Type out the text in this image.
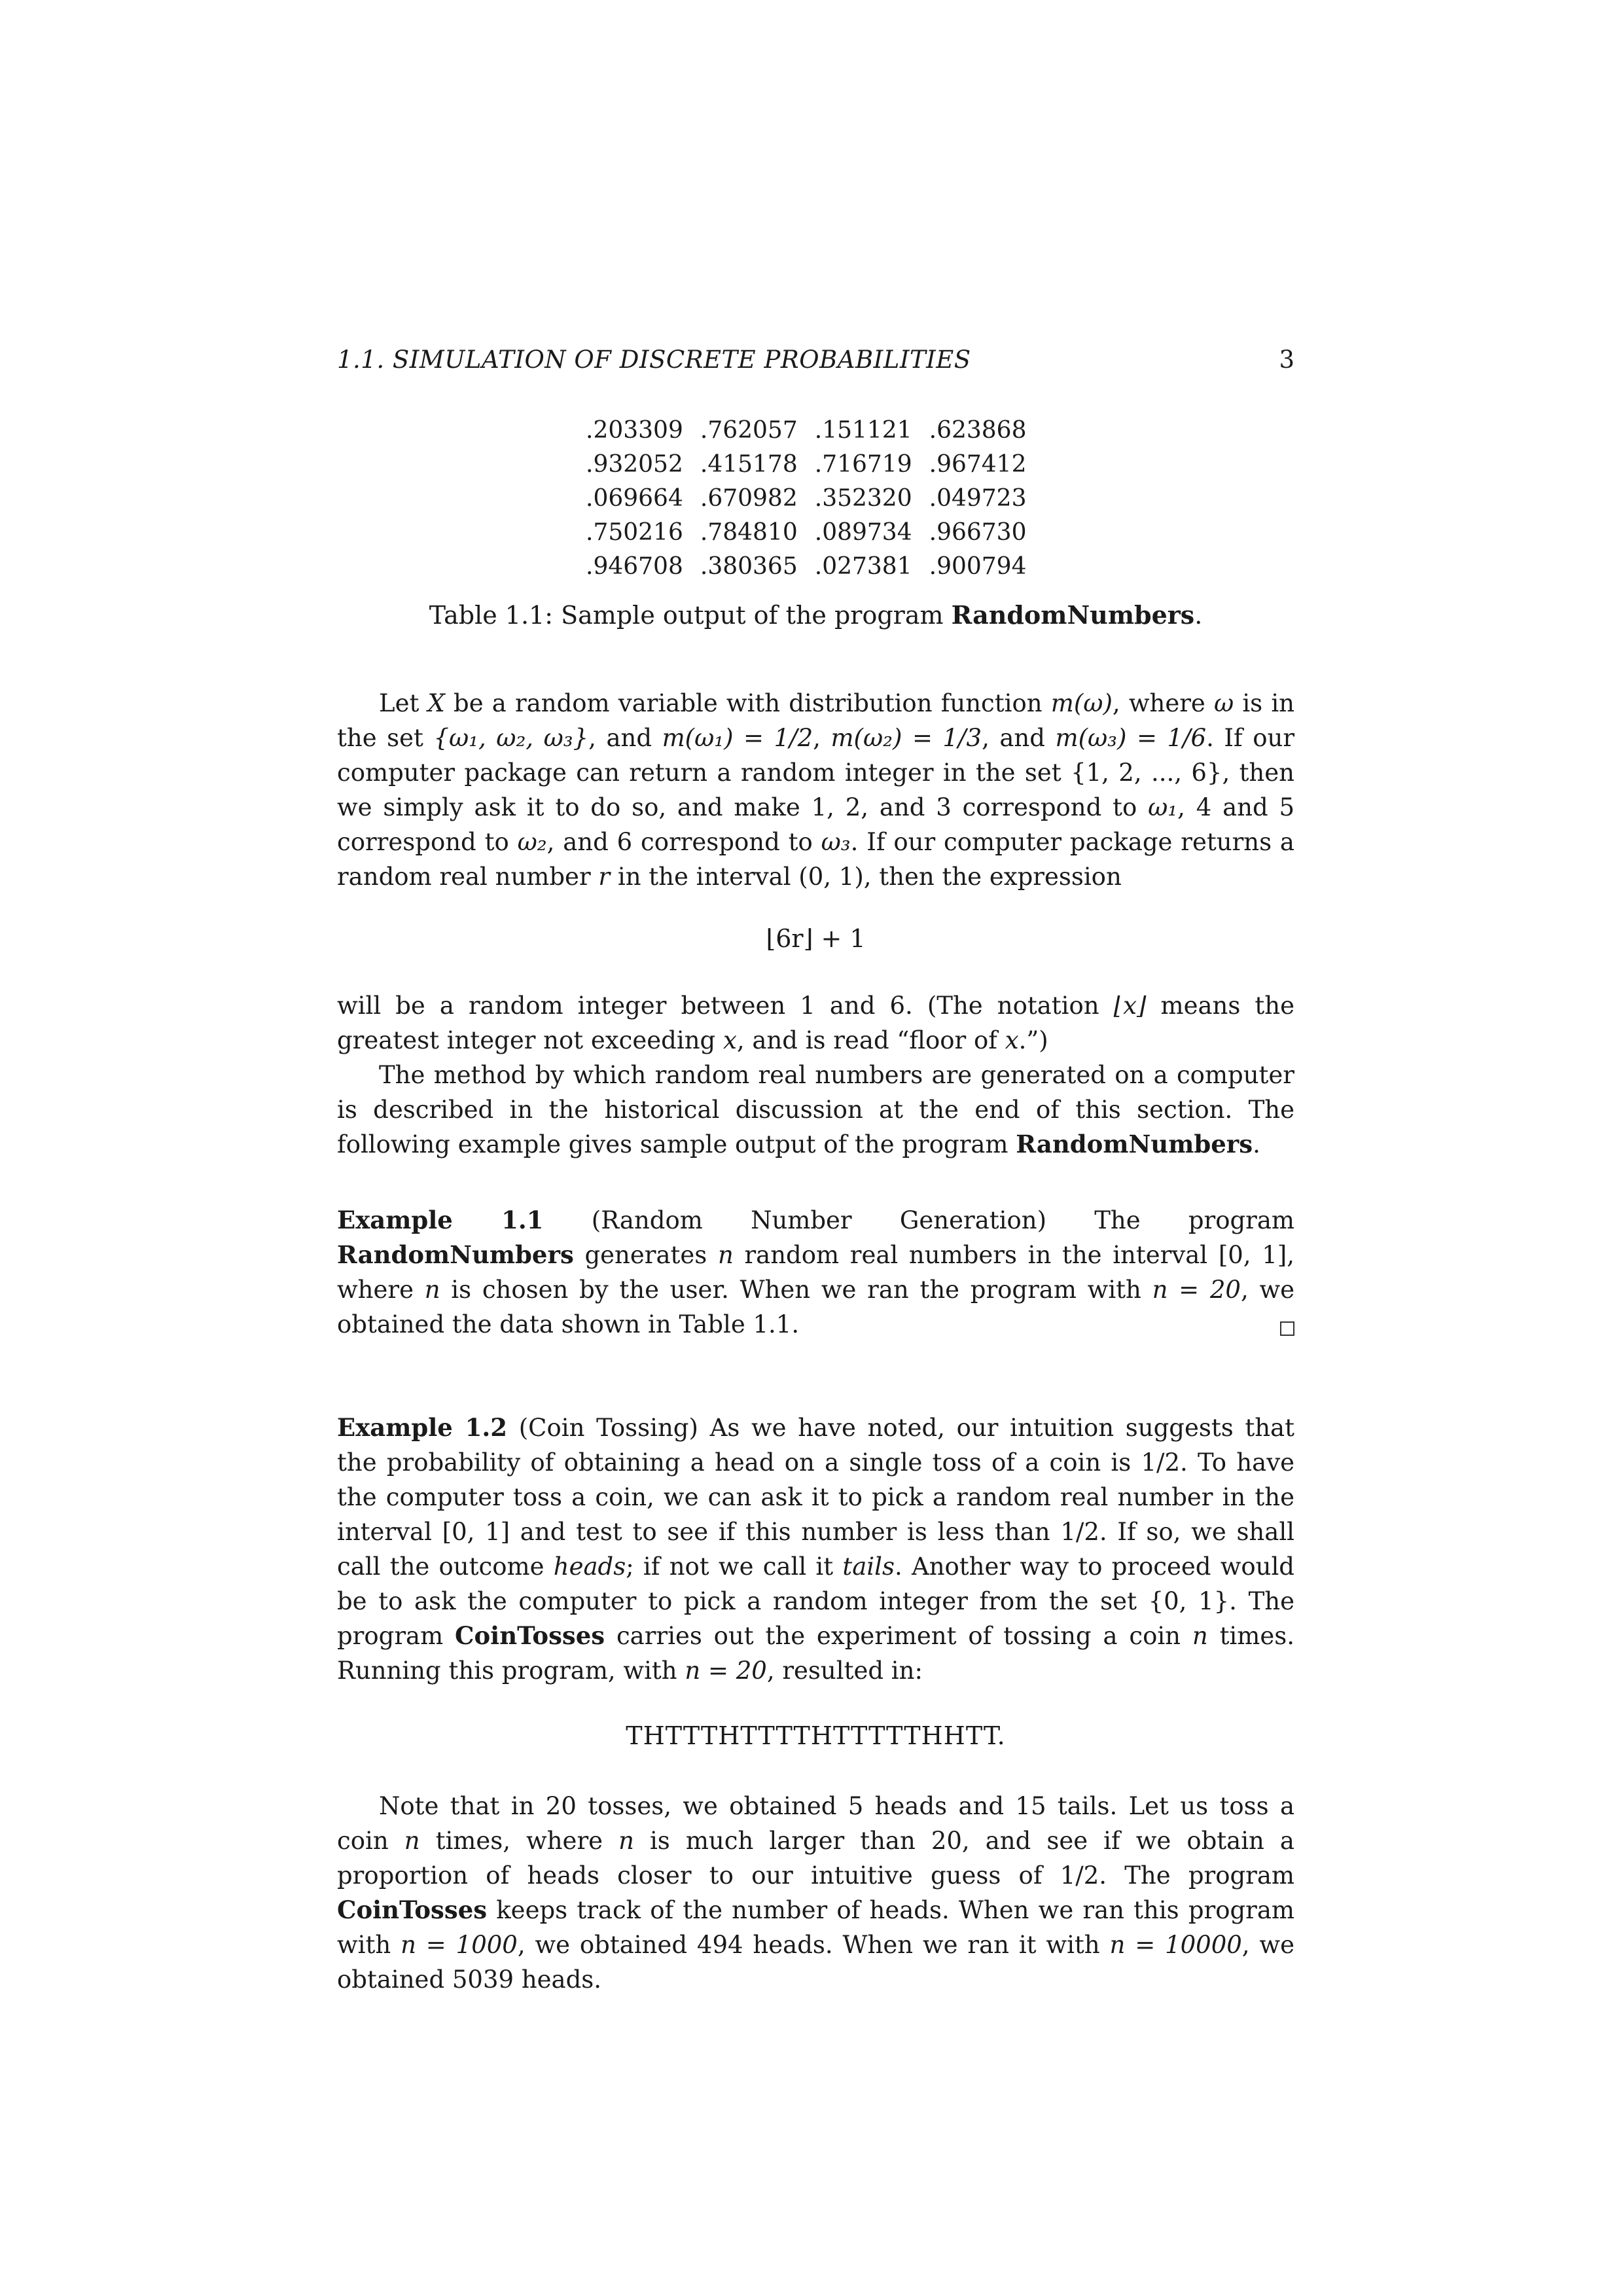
1.1. SIMULATION OF DISCRETE PROBABILITIES	3
.203309	.762057	.151121	.623868
.932052	.415178	.716719	.967412
.069664	.670982	.352320	.049723
.750216	.784810	.089734	.966730
.946708	.380365	.027381	.900794
Table 1.1: Sample output of the program RandomNumbers.

Let X be a random variable with distribution function m(ω), where ω is in the set {ω₁, ω₂, ω₃}, and m(ω₁) = 1/2, m(ω₂) = 1/3, and m(ω₃) = 1/6. If our computer package can return a random integer in the set {1, 2, ..., 6}, then we simply ask it to do so, and make 1, 2, and 3 correspond to ω₁, 4 and 5 correspond to ω₂, and 6 correspond to ω₃. If our computer package returns a random real number r in the interval (0, 1), then the expression

⌊6r⌋ + 1

will be a random integer between 1 and 6. (The notation ⌊x⌋ means the greatest integer not exceeding x, and is read “floor of x.”)

The method by which random real numbers are generated on a computer is described in the historical discussion at the end of this section. The following example gives sample output of the program RandomNumbers.

Example 1.1 (Random Number Generation) The program RandomNumbers generates n random real numbers in the interval [0, 1], where n is chosen by the user. When we ran the program with n = 20, we obtained the data shown in Table 1.1.

Example 1.2 (Coin Tossing) As we have noted, our intuition suggests that the probability of obtaining a head on a single toss of a coin is 1/2. To have the computer toss a coin, we can ask it to pick a random real number in the interval [0, 1] and test to see if this number is less than 1/2. If so, we shall call the outcome heads; if not we call it tails. Another way to proceed would be to ask the computer to pick a random integer from the set {0, 1}. The program CoinTosses carries out the experiment of tossing a coin n times. Running this program, with n = 20, resulted in:

THTTTHTTTTHTTTTTHHTT.

Note that in 20 tosses, we obtained 5 heads and 15 tails. Let us toss a coin n times, where n is much larger than 20, and see if we obtain a proportion of heads closer to our intuitive guess of 1/2. The program CoinTosses keeps track of the number of heads. When we ran this program with n = 1000, we obtained 494 heads. When we ran it with n = 10000, we obtained 5039 heads.
